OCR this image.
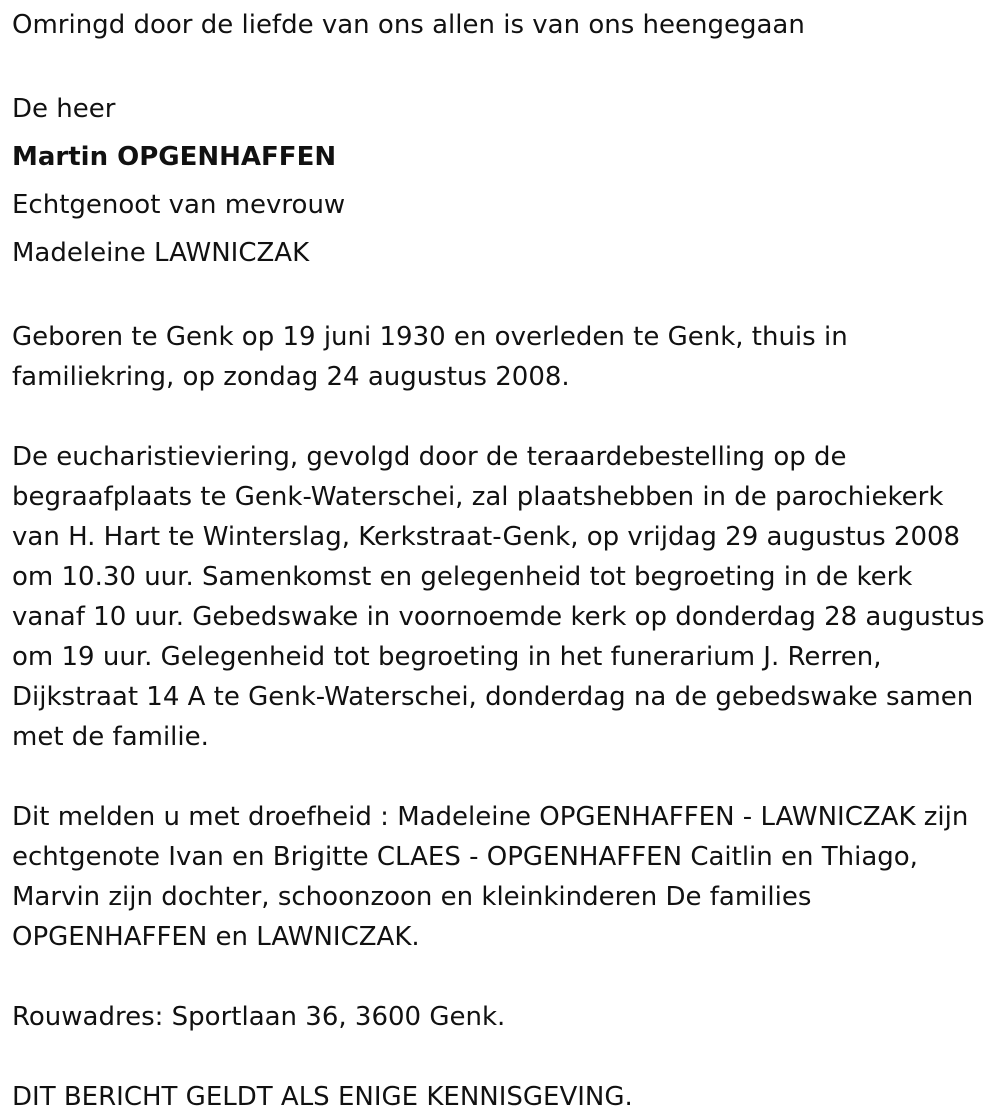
Omringd door de liefde van ons allen is van ons heengegaan

De heer

Martin OPGENHAFFEN

Echtgenoot van mevrouw

Madeleine LAWNICZAK

Geboren te Genk op 19 juni 1930 en overleden te Genk, thuis in familiekring, op zondag 24 augustus 2008.

De eucharistieviering, gevolgd door de teraardebestelling op de begraafplaats te Genk-Waterschei, zal plaatshebben in de parochiekerk van H. Hart te Winterslag, Kerkstraat-Genk, op vrijdag 29 augustus 2008 om 10.30 uur. Samenkomst en gelegenheid tot begroeting in de kerk vanaf 10 uur. Gebedswake in voornoemde kerk op donderdag 28 augustus om 19 uur. Gelegenheid tot begroeting in het funerarium J. Rerren, Dijkstraat 14 A te Genk-Waterschei, donderdag na de gebedswake samen met de familie.

Dit melden u met droefheid : Madeleine OPGENHAFFEN - LAWNICZAK zijn echtgenote Ivan en Brigitte CLAES - OPGENHAFFEN Caitlin en Thiago, Marvin zijn dochter, schoonzoon en kleinkinderen De families OPGENHAFFEN en LAWNICZAK.

Rouwadres: Sportlaan 36, 3600 Genk.

DIT BERICHT GELDT ALS ENIGE KENNISGEVING.
